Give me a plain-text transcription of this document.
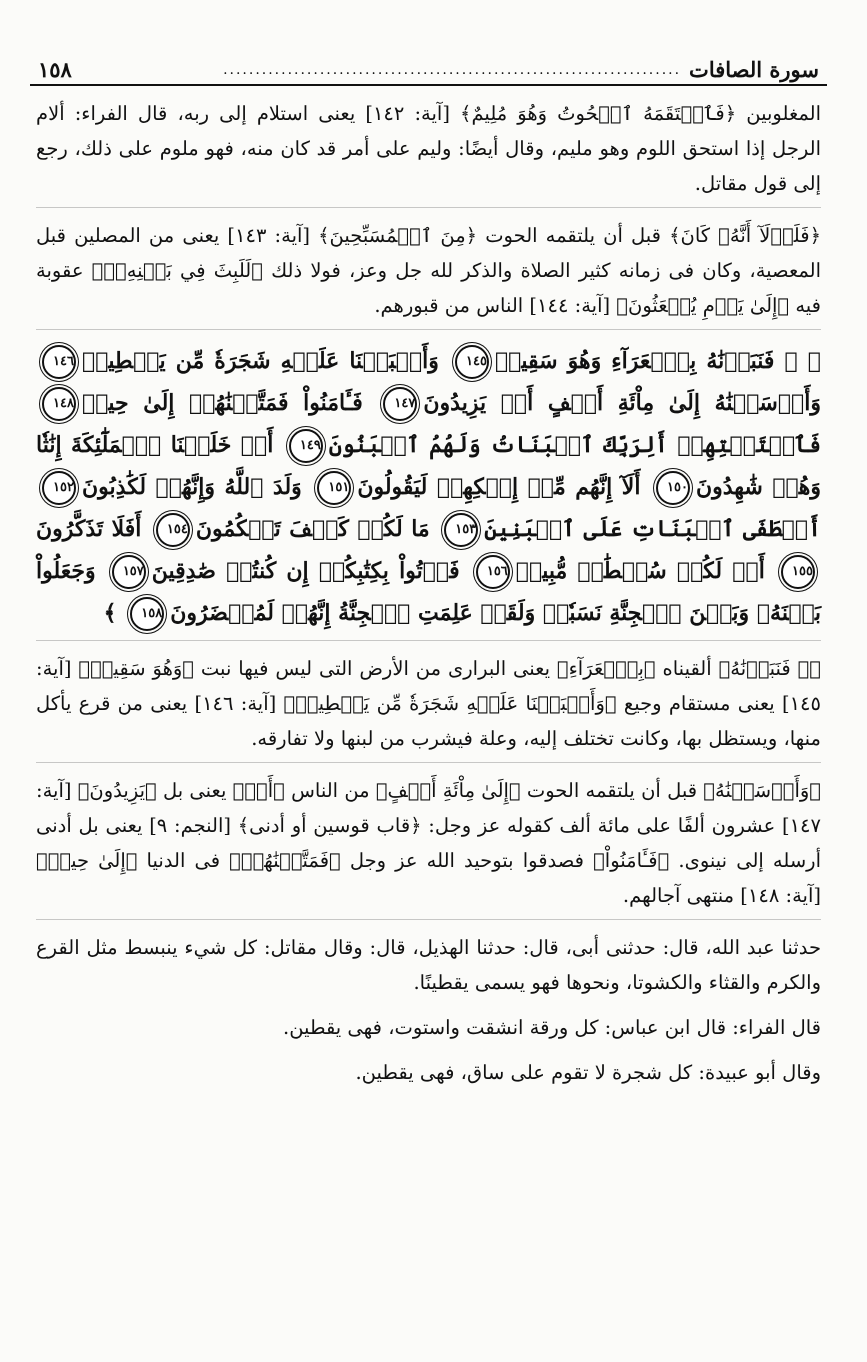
سورة الصافات
.......................................................................
١٥٨

المغلوبين ﴿فَٱلۡتَقَمَهُ ٱلۡحُوتُ وَهُوَ مُلِيمٌ﴾ [آية: ١٤٢] يعنى استلام إلى ربه، قال الفراء: ألام الرجل إذا استحق اللوم وهو مليم، وقال أيضًا: وليم على أمر قد كان منه، فهو ملوم على ذلك، رجع إلى قول مقاتل.

﴿فَلَوۡلَآ أَنَّهُۥ كَانَ﴾ قبل أن يلتقمه الحوت ﴿مِنَ ٱلۡمُسَبِّحِينَ﴾ [آية: ١٤٣] يعنى من المصلين قبل المعصية، وكان فى زمانه كثير الصلاة والذكر لله جل وعز، فولا ذلك ﴿لَلَبِثَ فِي بَطۡنِهِۦٓ﴾ عقوبة فيه ﴿إِلَىٰ يَوۡمِ يُبۡعَثُونَ﴾ [آية: ١٤٤] الناس من قبورهم.

﴿ ۞ فَنَبَذۡنَٰهُ بِٱلۡعَرَآءِ وَهُوَ سَقِيمٞ١٤٥ وَأَنۢبَتۡنَا عَلَيۡهِ شَجَرَةٗ مِّن يَقۡطِينٖ١٤٦ وَأَرۡسَلۡنَٰهُ إِلَىٰ مِاْئَةِ أَلۡفٍ أَوۡ يَزِيدُونَ١٤٧ فَـَٔامَنُواْ فَمَتَّعۡنَٰهُمۡ إِلَىٰ حِينٖ١٤٨ فَٱسۡتَفۡتِهِمۡ أَلِرَبِّكَ ٱلۡبَنَاتُ وَلَهُمُ ٱلۡبَنُونَ١٤٩ أَمۡ خَلَقۡنَا ٱلۡمَلَٰٓئِكَةَ إِنَٰثٗا وَهُمۡ شَٰهِدُونَ١٥٠ أَلَآ إِنَّهُم مِّنۡ إِفۡكِهِمۡ لَيَقُولُونَ١٥١ وَلَدَ ٱللَّهُ وَإِنَّهُمۡ لَكَٰذِبُونَ١٥٢ أَصۡطَفَى ٱلۡبَنَاتِ عَلَى ٱلۡبَنِينَ١٥٣ مَا لَكُمۡ كَيۡفَ تَحۡكُمُونَ١٥٤ أَفَلَا تَذَكَّرُونَ١٥٥ أَمۡ لَكُمۡ سُلۡطَٰنٞ مُّبِينٞ١٥٦ فَأۡتُواْ بِكِتَٰبِكُمۡ إِن كُنتُمۡ صَٰدِقِينَ١٥٧ وَجَعَلُواْ بَيۡنَهُۥ وَبَيۡنَ ٱلۡجِنَّةِ نَسَبٗاۚ وَلَقَدۡ عَلِمَتِ ٱلۡجِنَّةُ إِنَّهُمۡ لَمُحۡضَرُونَ١٥٨ ﴾

﴿۞ فَنَبَذۡنَٰهُ﴾ ألقيناه ﴿بِٱلۡعَرَآءِ﴾ يعنى البرارى من الأرض التى ليس فيها نبت ﴿وَهُوَ سَقِيمٞ﴾ [آية: ١٤٥] يعنى مستقام وجيع ﴿وَأَنۢبَتۡنَا عَلَيۡهِ شَجَرَةٗ مِّن يَقۡطِينٖ﴾ [آية: ١٤٦] يعنى من قرع يأكل منها، ويستظل بها، وكانت تختلف إليه، وعلة فيشرب من لبنها ولا تفارقه.

﴿وَأَرۡسَلۡنَٰهُ﴾ قبل أن يلتقمه الحوت ﴿إِلَىٰ مِاْئَةِ أَلۡفٍ﴾ من الناس ﴿أَوۡ﴾ يعنى بل ﴿يَزِيدُونَ﴾ [آية: ١٤٧] عشرون ألفًا على مائة ألف كقوله عز وجل: ﴿قاب قوسين أو أدنى﴾ [النجم: ٩] يعنى بل أدنى أرسله إلى نينوى. ﴿فَـَٔامَنُواْ﴾ فصدقوا بتوحيد الله عز وجل ﴿فَمَتَّعۡنَٰهُمۡ﴾ فى الدنيا ﴿إِلَىٰ حِينٖ﴾ [آية: ١٤٨] منتهى آجالهم.

حدثنا عبد الله، قال: حدثنى أبى، قال: حدثنا الهذيل، قال: وقال مقاتل: كل شيء ينبسط مثل القرع والكرم والقثاء والكشوتا، ونحوها فهو يسمى يقطينًا.

قال الفراء: قال ابن عباس: كل ورقة انشقت واستوت، فهى يقطين.

وقال أبو عبيدة: كل شجرة لا تقوم على ساق، فهى يقطين.
